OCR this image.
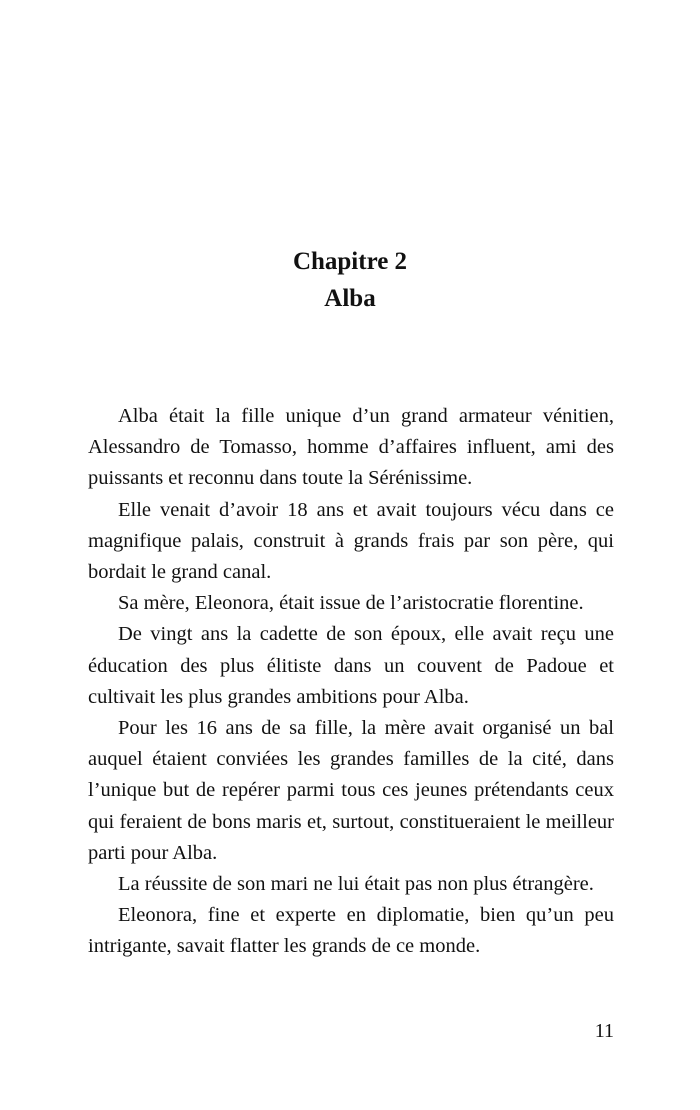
Chapitre 2
Alba

Alba était la fille unique d’un grand armateur vénitien, Alessandro de Tomasso, homme d’affaires influent, ami des puissants et reconnu dans toute la Sérénissime.

Elle venait d’avoir 18 ans et avait toujours vécu dans ce magnifique palais, construit à grands frais par son père, qui bordait le grand canal.

Sa mère, Eleonora, était issue de l’aristocratie florentine.

De vingt ans la cadette de son époux, elle avait reçu une éducation des plus élitiste dans un couvent de Padoue et cultivait les plus grandes ambitions pour Alba.

Pour les 16 ans de sa fille, la mère avait organisé un bal auquel étaient conviées les grandes familles de la cité, dans l’unique but de repérer parmi tous ces jeunes prétendants ceux qui feraient de bons maris et, surtout, constitueraient le meilleur parti pour Alba.

La réussite de son mari ne lui était pas non plus étrangère.

Eleonora, fine et experte en diplomatie, bien qu’un peu intrigante, savait flatter les grands de ce monde.

11
